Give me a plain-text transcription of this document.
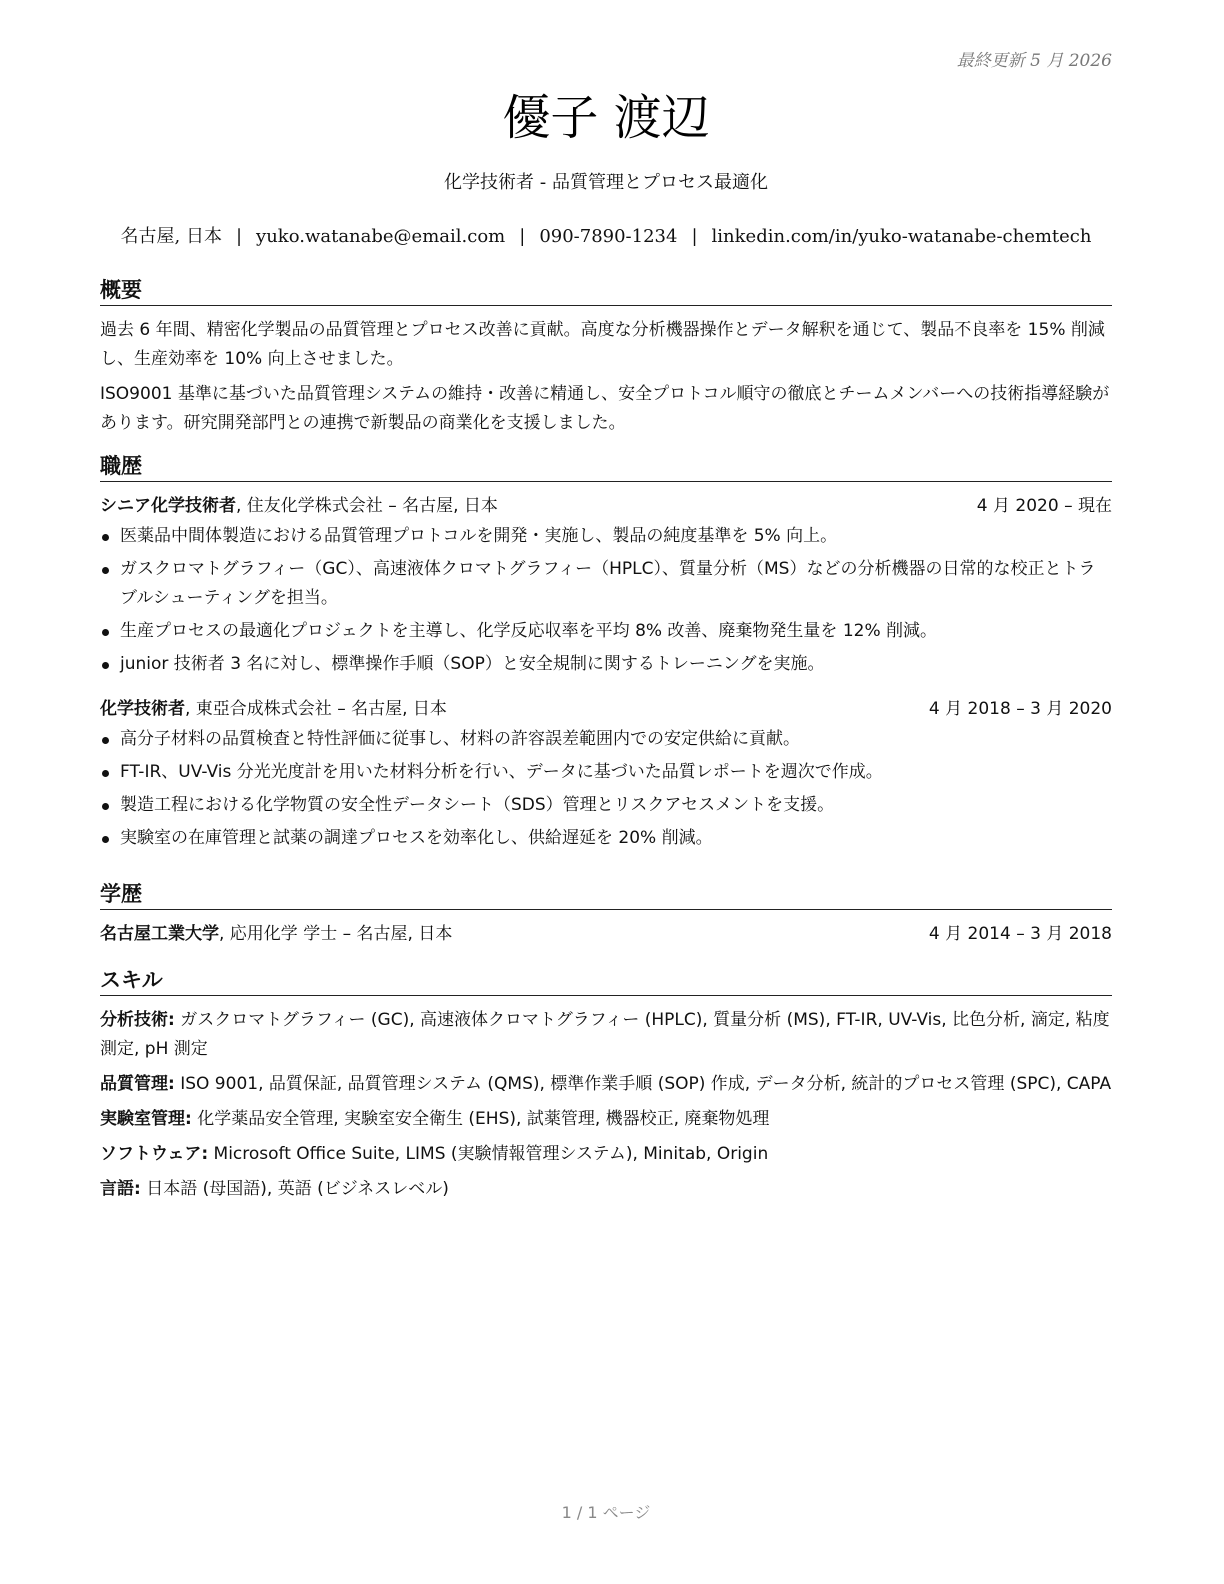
最終更新 5 月 2026
優子 渡辺
化学技術者 - 品質管理とプロセス最適化
名古屋, 日本 | yuko.watanabe@email.com | 090-7890-1234 | linkedin.com/in/yuko-watanabe-chemtech
概要

過去 6 年間、精密化学製品の品質管理とプロセス改善に貢献。高度な分析機器操作とデータ解釈を通じて、製品不良率を 15% 削減し、生産効率を 10% 向上させました。

ISO9001 基準に基づいた品質管理システムの維持・改善に精通し、安全プロトコル順守の徹底とチームメンバーへの技術指導経験があります。研究開発部門との連携で新製品の商業化を支援しました。

職歴
シニア化学技術者, 住友化学株式会社 – 名古屋, 日本	4 月 2020 – 現在
医薬品中間体製造における品質管理プロトコルを開発・実施し、製品の純度基準を 5% 向上。
ガスクロマトグラフィー（GC）、高速液体クロマトグラフィー（HPLC）、質量分析（MS）などの分析機器の日常的な校正とトラブルシューティングを担当。
生産プロセスの最適化プロジェクトを主導し、化学反応収率を平均 8% 改善、廃棄物発生量を 12% 削減。
junior 技術者 3 名に対し、標準操作手順（SOP）と安全規制に関するトレーニングを実施。
化学技術者, 東亞合成株式会社 – 名古屋, 日本	4 月 2018 – 3 月 2020
高分子材料の品質検査と特性評価に従事し、材料の許容誤差範囲内での安定供給に貢献。
FT-IR、UV-Vis 分光光度計を用いた材料分析を行い、データに基づいた品質レポートを週次で作成。
製造工程における化学物質の安全性データシート（SDS）管理とリスクアセスメントを支援。
実験室の在庫管理と試薬の調達プロセスを効率化し、供給遅延を 20% 削減。
学歴
名古屋工業大学, 応用化学 学士 – 名古屋, 日本	4 月 2014 – 3 月 2018
スキル
分析技術: ガスクロマトグラフィー (GC), 高速液体クロマトグラフィー (HPLC), 質量分析 (MS), FT-IR, UV-Vis, 比色分析, 滴定, 粘度測定, pH 測定
品質管理: ISO 9001, 品質保証, 品質管理システム (QMS), 標準作業手順 (SOP) 作成, データ分析, 統計的プロセス管理 (SPC), CAPA
実験室管理: 化学薬品安全管理, 実験室安全衛生 (EHS), 試薬管理, 機器校正, 廃棄物処理
ソフトウェア: Microsoft Office Suite, LIMS (実験情報管理システム), Minitab, Origin
言語: 日本語 (母国語), 英語 (ビジネスレベル)
1 / 1 ページ
